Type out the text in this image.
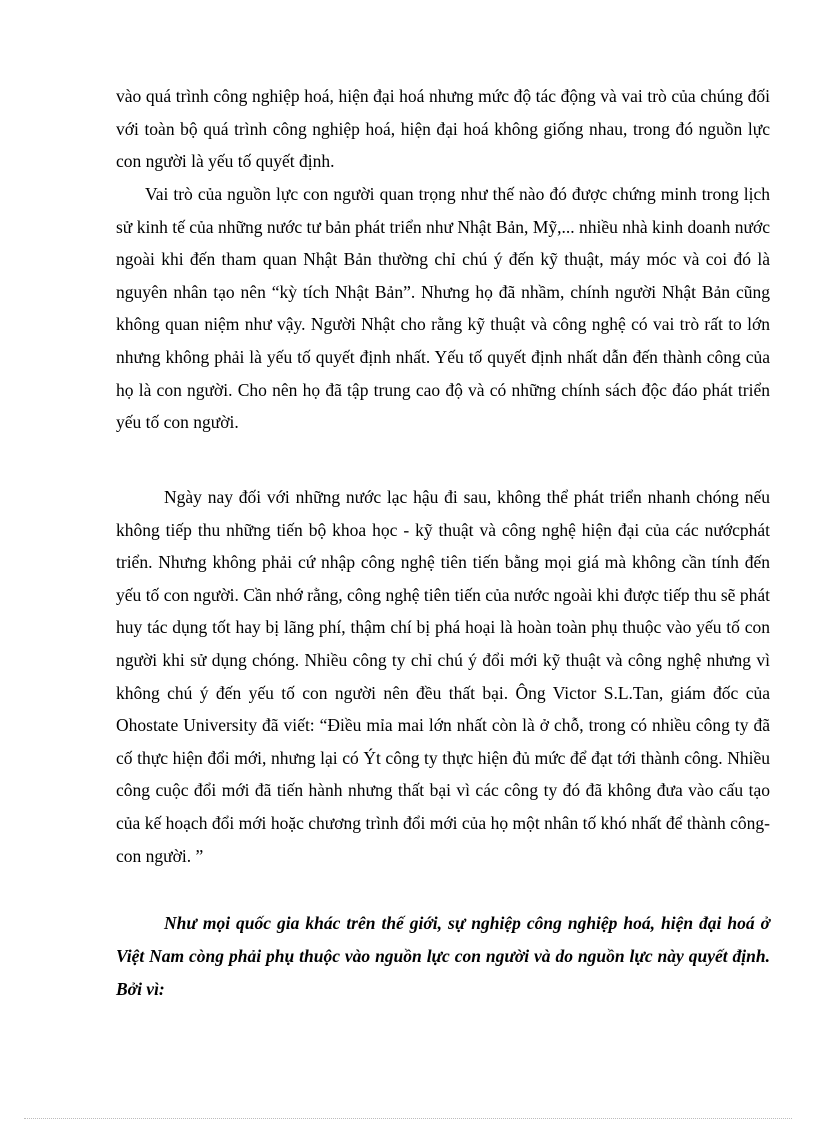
vào quá trình công nghiệp hoá, hiện đại hoá nhưng mức độ tác động và vai trò của chúng đối với toàn bộ quá trình công nghiệp hoá, hiện đại hoá không giống nhau, trong đó nguồn lực con người là yếu tố quyết định.

Vai trò của nguồn lực con người quan trọng như thế nào đó được chứng minh trong lịch sử kinh tế của những nước tư bản phát triển như Nhật Bản, Mỹ,... nhiều nhà kinh doanh nước ngoài khi đến tham quan Nhật Bản thường chỉ chú ý đến kỹ thuật, máy móc và coi đó là nguyên nhân tạo nên “kỳ tích Nhật Bản”. Nhưng họ đã nhầm, chính người Nhật Bản cũng không quan niệm như vậy. Người Nhật cho rằng kỹ thuật và công nghệ có vai trò rất to lớn nhưng không phải là yếu tố quyết định nhất. Yếu tố quyết định nhất dẫn đến thành công của họ là con người. Cho nên họ đã tập trung cao độ và có những chính sách độc đáo phát triển yếu tố con người.

Ngày nay đối với những nước lạc hậu đi sau, không thể phát triển nhanh chóng nếu không tiếp thu những tiến bộ khoa học - kỹ thuật và công nghệ hiện đại của các nướcphát triển. Nhưng không phải cứ nhập công nghệ tiên tiến bằng mọi giá mà không cần tính đến yếu tố con người. Cần nhớ rằng, công nghệ tiên tiến của nước ngoài khi được tiếp thu sẽ phát huy tác dụng tốt hay bị lãng phí, thậm chí bị phá hoại là hoàn toàn phụ thuộc vào yếu tố con người khi sử dụng chóng. Nhiều công ty chỉ chú ý đổi mới kỹ thuật và công nghệ nhưng vì không chú ý đến yếu tố con người nên đều thất bại. Ông Victor S.L.Tan, giám đốc của Ohostate University đã viết: “Điều mỉa mai lớn nhất còn là ở chỗ, trong có nhiều công ty đã cố thực hiện đổi mới, nhưng lại có Ýt công ty thực hiện đủ mức để đạt tới thành công. Nhiều công cuộc đổi mới đã tiến hành nhưng thất bại vì các công ty đó đã không đưa vào cấu tạo của kế hoạch đổi mới hoặc chương trình đổi mới của họ một nhân tố khó nhất để thành công- con người. ”

Như mọi quốc gia khác trên thế giới, sự nghiệp công nghiệp hoá, hiện đại hoá ở Việt Nam còng phải phụ thuộc vào nguồn lực con người và do nguồn lực này quyết định. Bởi vì:
